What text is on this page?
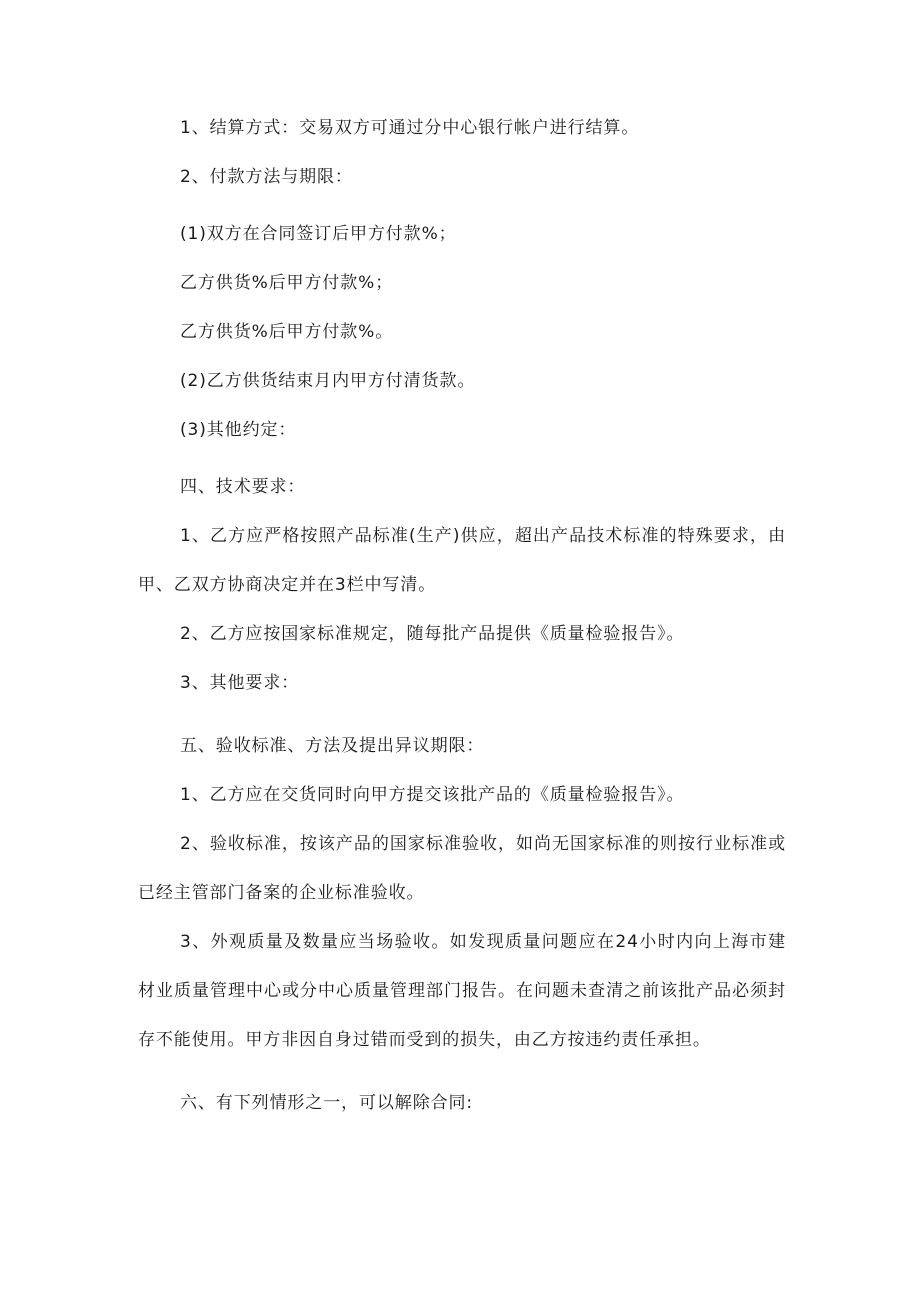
1、结算方式：交易双方可通过分中心银行帐户进行结算。

2、付款方法与期限：

(1)双方在合同签订后甲方付款%；

乙方供货%后甲方付款%；

乙方供货%后甲方付款%。

(2)乙方供货结束月内甲方付清货款。

(3)其他约定：

四、技术要求：

1、乙方应严格按照产品标准(生产)供应，超出产品技术标准的特殊要求，由甲、乙双方协商决定并在3栏中写清。

2、乙方应按国家标准规定，随每批产品提供《质量检验报告》。

3、其他要求：

五、验收标准、方法及提出异议期限：

1、乙方应在交货同时向甲方提交该批产品的《质量检验报告》。

2、验收标准，按该产品的国家标准验收，如尚无国家标准的则按行业标准或已经主管部门备案的企业标准验收。

3、外观质量及数量应当场验收。如发现质量问题应在24小时内向上海市建材业质量管理中心或分中心质量管理部门报告。在问题未查清之前该批产品必须封存不能使用。甲方非因自身过错而受到的损失，由乙方按违约责任承担。

六、有下列情形之一，可以解除合同:
